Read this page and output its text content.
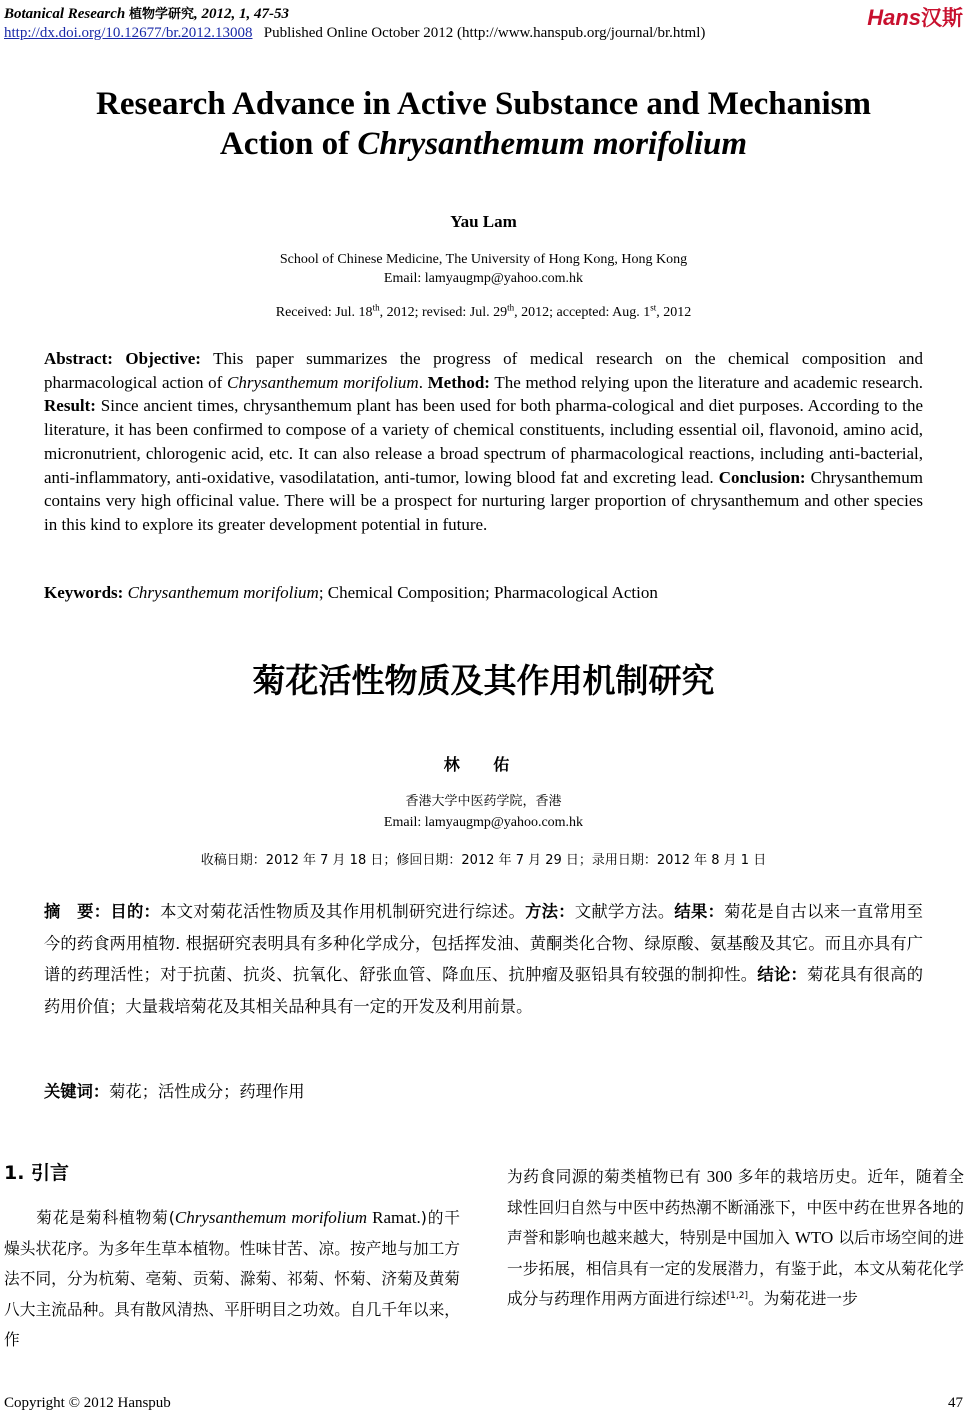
Botanical Research 植物学研究, 2012, 1, 47-53
http://dx.doi.org/10.12677/br.2012.13008 Published Online October 2012 (http://www.hanspub.org/journal/br.html)
Hans汉斯
Research Advance in Active Substance and Mechanism
Action of Chrysanthemum morifolium
Yau Lam
School of Chinese Medicine, The University of Hong Kong, Hong Kong
Email: lamyaugmp@yahoo.com.hk
Received: Jul. 18th, 2012; revised: Jul. 29th, 2012; accepted: Aug. 1st, 2012
Abstract: Objective: This paper summarizes the progress of medical research on the chemical composition and pharmacological action of Chrysanthemum morifolium. Method: The method relying upon the literature and academic research. Result: Since ancient times, chrysanthemum plant has been used for both pharma-cological and diet purposes. According to the literature, it has been confirmed to compose of a variety of chemical constituents, including essential oil, flavonoid, amino acid, micronutrient, chlorogenic acid, etc. It can also release a broad spectrum of pharmacological reactions, including anti-bacterial, anti-inflammatory, anti-oxidative, vasodilatation, anti-tumor, lowing blood fat and excreting lead. Conclusion: Chrysanthemum contains very high officinal value. There will be a prospect for nurturing larger proportion of chrysanthemum and other species in this kind to explore its greater development potential in future.
Keywords: Chrysanthemum morifolium; Chemical Composition; Pharmacological Action
菊花活性物质及其作用机制研究
林 佑
香港大学中医药学院，香港
Email: lamyaugmp@yahoo.com.hk
收稿日期：2012 年 7 月 18 日；修回日期：2012 年 7 月 29 日；录用日期：2012 年 8 月 1 日
摘　要：目的：本文对菊花活性物质及其作用机制研究进行综述。方法：文献学方法。结果：菊花是自古以来一直常用至今的药食两用植物. 根据研究表明具有多种化学成分，包括挥发油、黄酮类化合物、绿原酸、氨基酸及其它。而且亦具有广谱的药理活性；对于抗菌、抗炎、抗氧化、舒张血管、降血压、抗肿瘤及驱铅具有较强的制抑性。结论：菊花具有很高的药用价值；大量栽培菊花及其相关品种具有一定的开发及利用前景。
关键词：菊花；活性成分；药理作用
1. 引言
  菊花是菊科植物菊(Chrysanthemum morifolium Ramat.)的干燥头状花序。为多年生草本植物。性味甘苦、凉。按产地与加工方法不同，分为杭菊、亳菊、贡菊、滁菊、祁菊、怀菊、济菊及黄菊八大主流品种。具有散风清热、平肝明目之功效。自几千年以来，作
为药食同源的菊类植物已有 300 多年的栽培历史。近年，随着全球性回归自然与中医中药热潮不断涌涨下，中医中药在世界各地的声誉和影响也越来越大，特别是中国加入 WTO 以后市场空间的进一步拓展，相信具有一定的发展潜力，有鉴于此，本文从菊花化学成分与药理作用两方面进行综述[1,2]。为菊花进一步
Copyright © 2012 Hanspub	47
